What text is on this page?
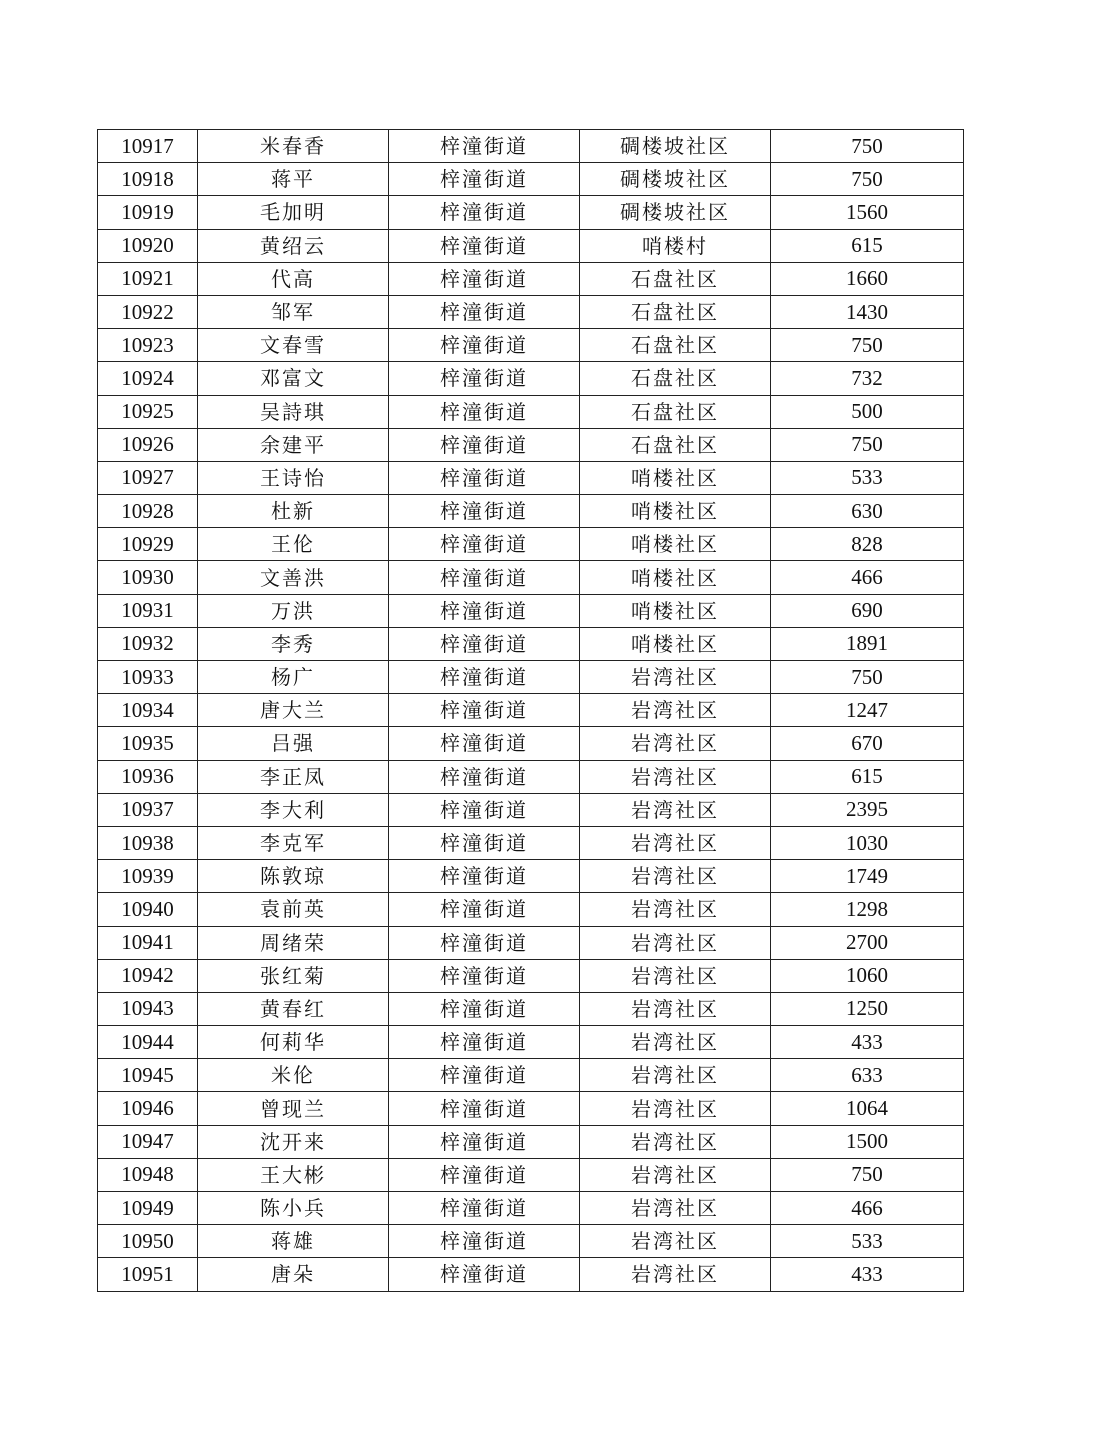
10917	米春香	梓潼街道	碉楼坡社区	750
10918	蒋平	梓潼街道	碉楼坡社区	750
10919	毛加明	梓潼街道	碉楼坡社区	1560
10920	黄绍云	梓潼街道	哨楼村	615
10921	代高	梓潼街道	石盘社区	1660
10922	邹军	梓潼街道	石盘社区	1430
10923	文春雪	梓潼街道	石盘社区	750
10924	邓富文	梓潼街道	石盘社区	732
10925	吴詩琪	梓潼街道	石盘社区	500
10926	余建平	梓潼街道	石盘社区	750
10927	王诗怡	梓潼街道	哨楼社区	533
10928	杜新	梓潼街道	哨楼社区	630
10929	王伦	梓潼街道	哨楼社区	828
10930	文善洪	梓潼街道	哨楼社区	466
10931	万洪	梓潼街道	哨楼社区	690
10932	李秀	梓潼街道	哨楼社区	1891
10933	杨广	梓潼街道	岩湾社区	750
10934	唐大兰	梓潼街道	岩湾社区	1247
10935	吕强	梓潼街道	岩湾社区	670
10936	李正凤	梓潼街道	岩湾社区	615
10937	李大利	梓潼街道	岩湾社区	2395
10938	李克军	梓潼街道	岩湾社区	1030
10939	陈敦琼	梓潼街道	岩湾社区	1749
10940	袁前英	梓潼街道	岩湾社区	1298
10941	周绪荣	梓潼街道	岩湾社区	2700
10942	张红菊	梓潼街道	岩湾社区	1060
10943	黄春红	梓潼街道	岩湾社区	1250
10944	何莉华	梓潼街道	岩湾社区	433
10945	米伦	梓潼街道	岩湾社区	633
10946	曾现兰	梓潼街道	岩湾社区	1064
10947	沈开来	梓潼街道	岩湾社区	1500
10948	王大彬	梓潼街道	岩湾社区	750
10949	陈小兵	梓潼街道	岩湾社区	466
10950	蒋雄	梓潼街道	岩湾社区	533
10951	唐朵	梓潼街道	岩湾社区	433
